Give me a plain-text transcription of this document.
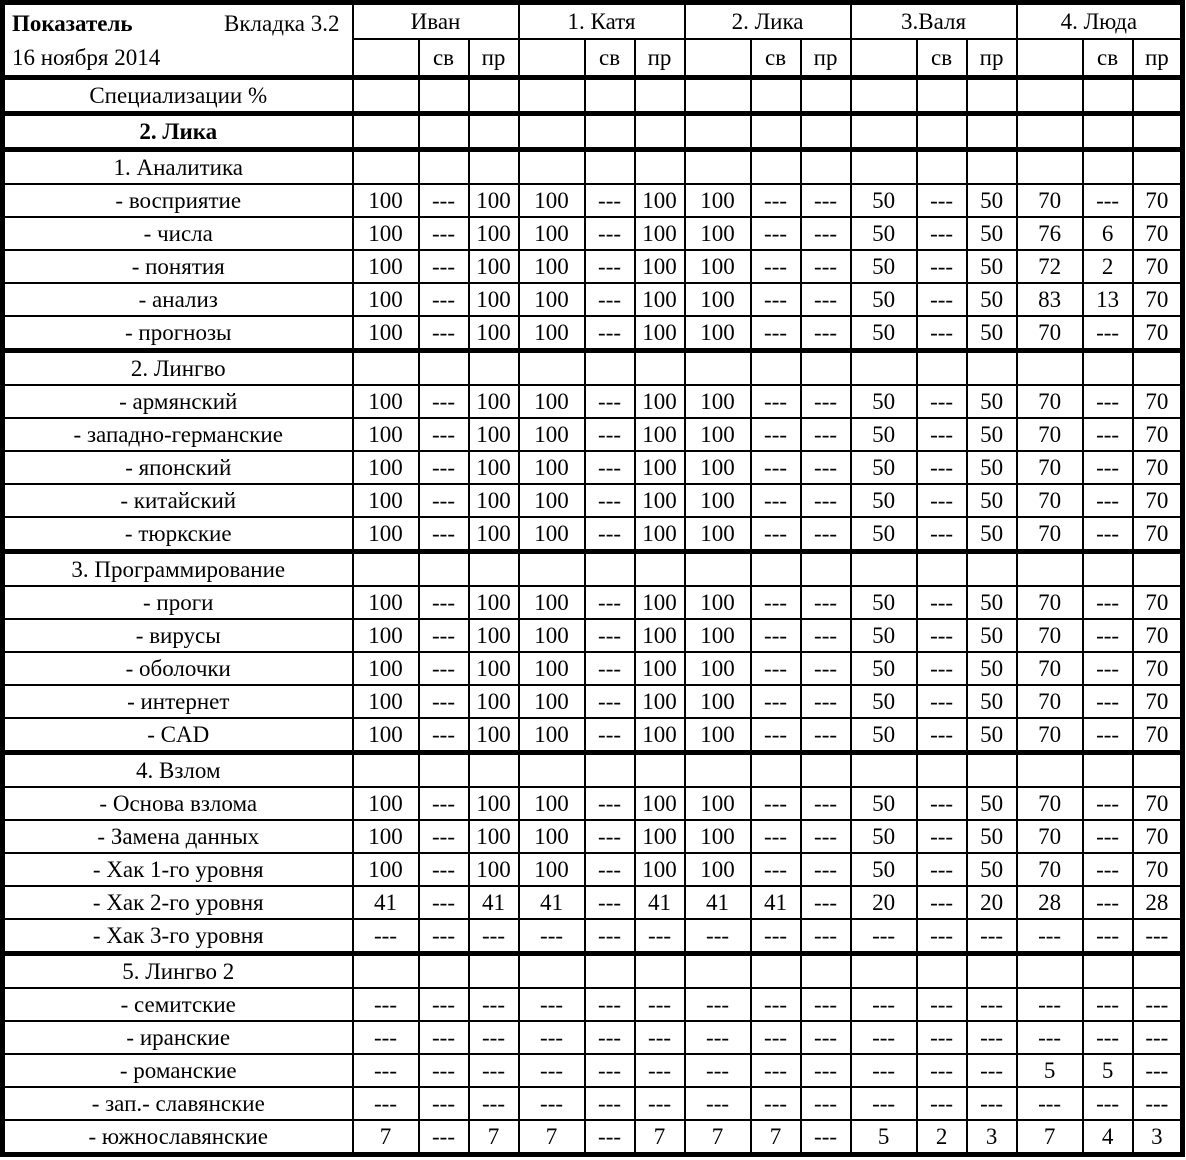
Показатель Вкладка 3.2
16 ноября 2014	Иван			1. Катя			2. Лика			3.Валя			4. Люда		
		св	пр		св	пр		св	пр		св	пр		св	пр
Специализации %															
2. Лика															
1. Аналитика															
- восприятие	100	---	100	100	---	100	100	---	---	50	---	50	70	---	70
- числа	100	---	100	100	---	100	100	---	---	50	---	50	76	6	70
- понятия	100	---	100	100	---	100	100	---	---	50	---	50	72	2	70
- анализ	100	---	100	100	---	100	100	---	---	50	---	50	83	13	70
- прогнозы	100	---	100	100	---	100	100	---	---	50	---	50	70	---	70
2. Лингво															
- армянский	100	---	100	100	---	100	100	---	---	50	---	50	70	---	70
- западно-германские	100	---	100	100	---	100	100	---	---	50	---	50	70	---	70
- японский	100	---	100	100	---	100	100	---	---	50	---	50	70	---	70
- китайский	100	---	100	100	---	100	100	---	---	50	---	50	70	---	70
- тюркские	100	---	100	100	---	100	100	---	---	50	---	50	70	---	70
3. Программирование															
- проги	100	---	100	100	---	100	100	---	---	50	---	50	70	---	70
- вирусы	100	---	100	100	---	100	100	---	---	50	---	50	70	---	70
- оболочки	100	---	100	100	---	100	100	---	---	50	---	50	70	---	70
- интернет	100	---	100	100	---	100	100	---	---	50	---	50	70	---	70
- CAD	100	---	100	100	---	100	100	---	---	50	---	50	70	---	70
4. Взлом															
- Основа взлома	100	---	100	100	---	100	100	---	---	50	---	50	70	---	70
- Замена данных	100	---	100	100	---	100	100	---	---	50	---	50	70	---	70
- Хак 1-го уровня	100	---	100	100	---	100	100	---	---	50	---	50	70	---	70
- Хак 2-го уровня	41	---	41	41	---	41	41	41	---	20	---	20	28	---	28
- Хак 3-го уровня	---	---	---	---	---	---	---	---	---	---	---	---	---	---	---
5. Лингво 2															
- семитские	---	---	---	---	---	---	---	---	---	---	---	---	---	---	---
- иранские	---	---	---	---	---	---	---	---	---	---	---	---	---	---	---
- романские	---	---	---	---	---	---	---	---	---	---	---	---	5	5	---
- зап.- славянские	---	---	---	---	---	---	---	---	---	---	---	---	---	---	---
- южнославянские	7	---	7	7	---	7	7	7	---	5	2	3	7	4	3
